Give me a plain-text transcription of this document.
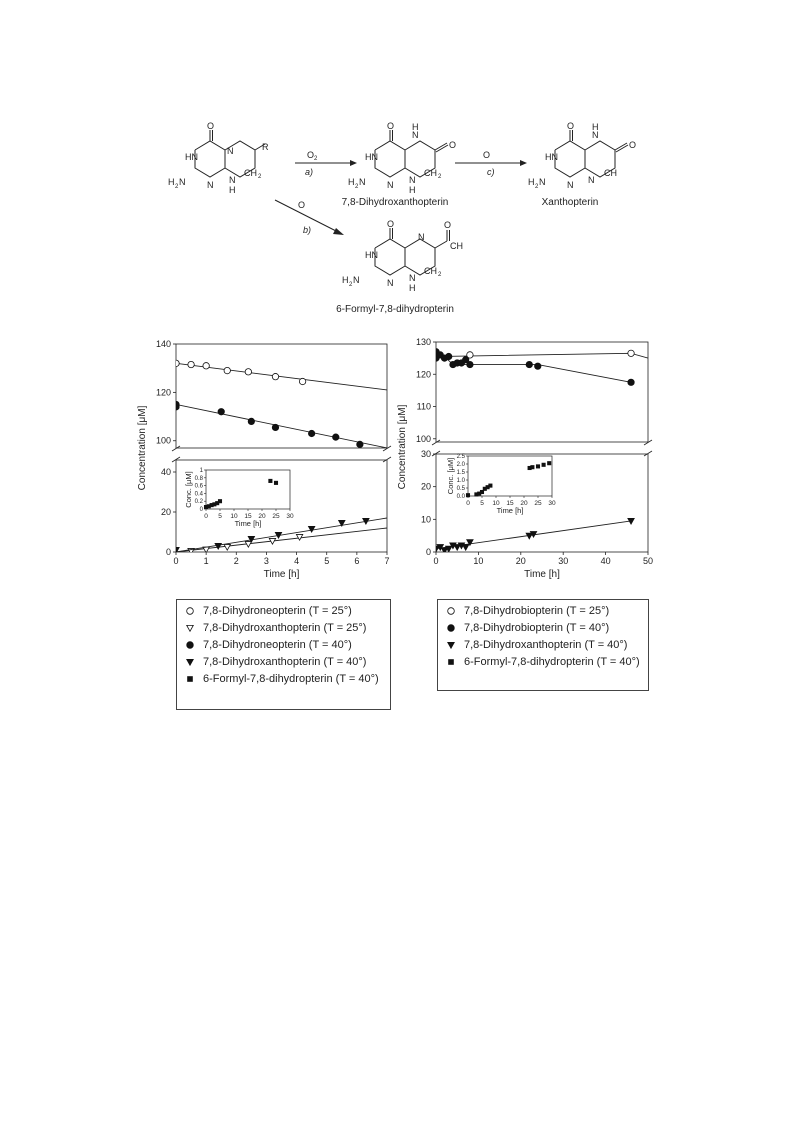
O
HN
N	R
N
CH 2
H 2 N	N
H
$O_2$
a)
O
HN
N
H
O
N
CH 2
H 2 N	N
H
7,8-Dihydroxanthopterin
O
c)
O
HN
N
H
O
N
CH
H 2 N	N
Xanthopterin
O
b)
O
HN
N
O
CH
N
CH 2
H 2 N	N
H
6-Formyl-7,8-dihydropterin
0	1	2	3	4	5	6	7
100
120
140
0
20
40
Time [h]
Concentration [μM]
0 5 10 15 20 25 30
0
0.2
0.4
0.6
0.8
1
Time [h]
Conc. [μM]
0	10	20	30	40	50
100
110
120
130
0
10
20
30
Time [h]
Concentration [μM]
0 5 10 15 20 25 30
0.0
0.5
1.0
1.5
2.0
2.5
Time [h]
Conc. [μM]
7,8-Dihydroneopterin (T = 25°)
7,8-Dihydroxanthopterin (T = 25°)
7,8-Dihydroneopterin (T = 40°)
7,8-Dihydroxanthopterin (T = 40°)
6-Formyl-7,8-dihydropterin (T = 40°)
7,8-Dihydrobiopterin (T = 25°)
7,8-Dihydrobiopterin (T = 40°)
7,8-Dihydroxanthopterin (T = 40°)
6-Formyl-7,8-dihydropterin (T = 40°)
